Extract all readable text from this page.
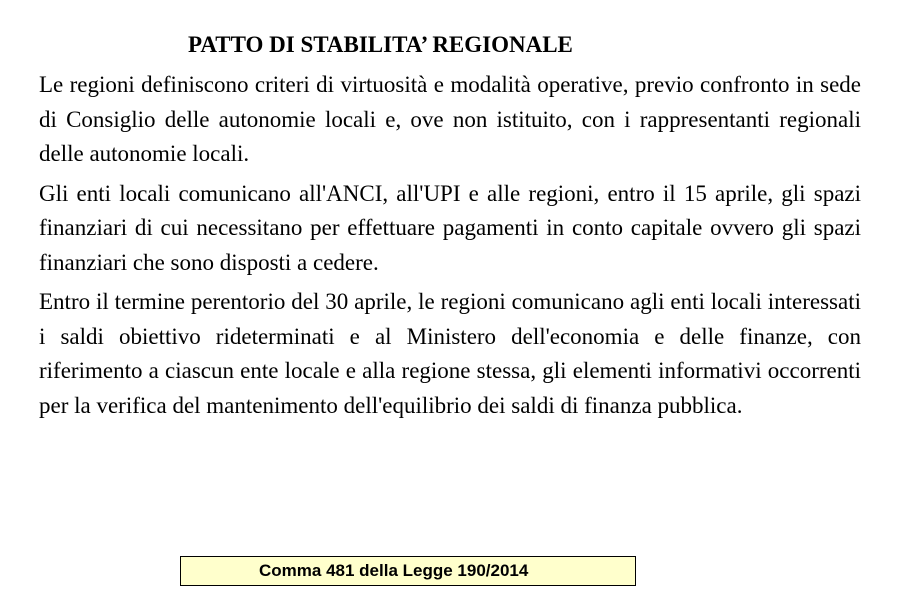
PATTO DI STABILITA’ REGIONALE

Le regioni definiscono criteri di virtuosità e modalità operative, previo confronto in sede di Consiglio delle autonomie locali e, ove non istituito, con i rappresentanti regionali delle autonomie locali.

Gli enti locali comunicano all'ANCI, all'UPI e alle regioni, entro il 15 aprile, gli spazi finanziari di cui necessitano per effettuare pagamenti in conto capitale ovvero gli spazi finanziari che sono disposti a cedere.

Entro il termine perentorio del 30 aprile, le regioni comunicano agli enti locali interessati i saldi obiettivo rideterminati e al Ministero dell'economia e delle finanze, con riferimento a ciascun ente locale e alla regione stessa, gli elementi informativi occorrenti per la verifica del mantenimento dell'equilibrio dei saldi di finanza pubblica.

Comma 481 della Legge 190/2014
